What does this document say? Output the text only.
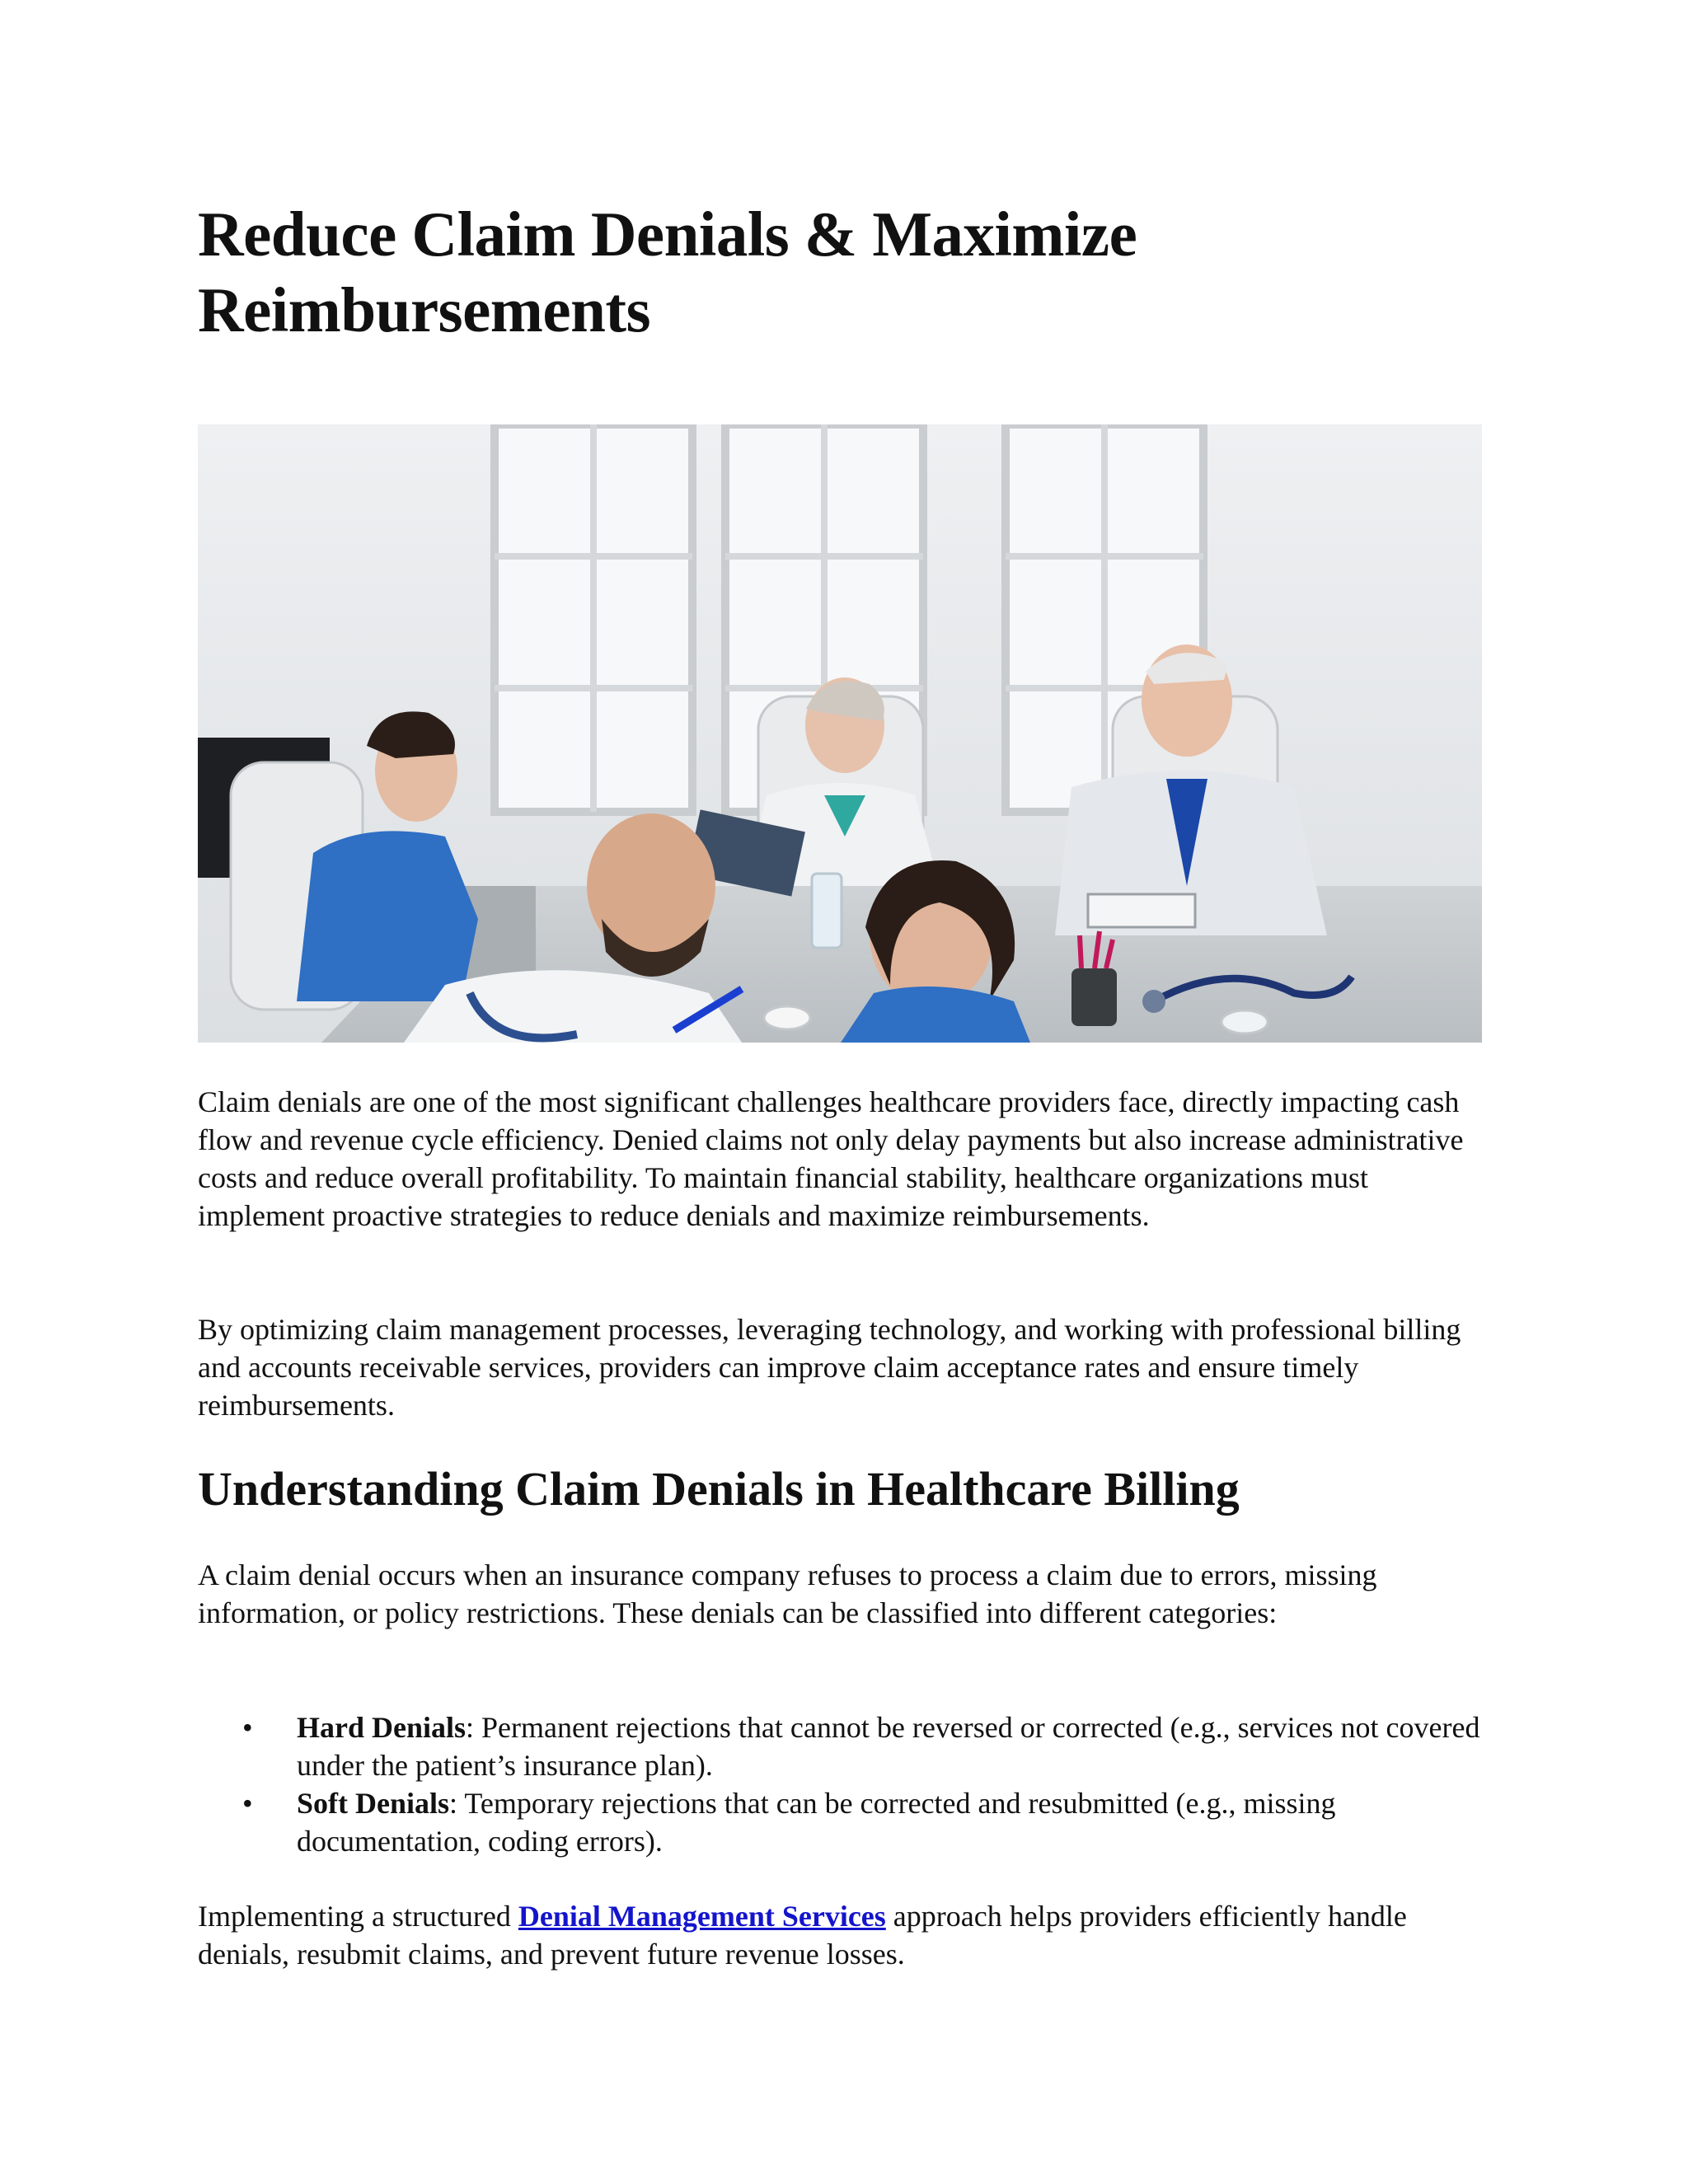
Reduce Claim Denials & Maximize Reimbursements

Claim denials are one of the most significant challenges healthcare providers face, directly impacting cash flow and revenue cycle efficiency. Denied claims not only delay payments but also increase administrative costs and reduce overall profitability. To maintain financial stability, healthcare organizations must implement proactive strategies to reduce denials and maximize reimbursements.

By optimizing claim management processes, leveraging technology, and working with professional billing and accounts receivable services, providers can improve claim acceptance rates and ensure timely reimbursements.

Understanding Claim Denials in Healthcare Billing

A claim denial occurs when an insurance company refuses to process a claim due to errors, missing information, or policy restrictions. These denials can be classified into different categories:

• Hard Denials: Permanent rejections that cannot be reversed or corrected (e.g., services not covered under the patient’s insurance plan).
• Soft Denials: Temporary rejections that can be corrected and resubmitted (e.g., missing documentation, coding errors).

Implementing a structured Denial Management Services approach helps providers efficiently handle denials, resubmit claims, and prevent future revenue losses.
